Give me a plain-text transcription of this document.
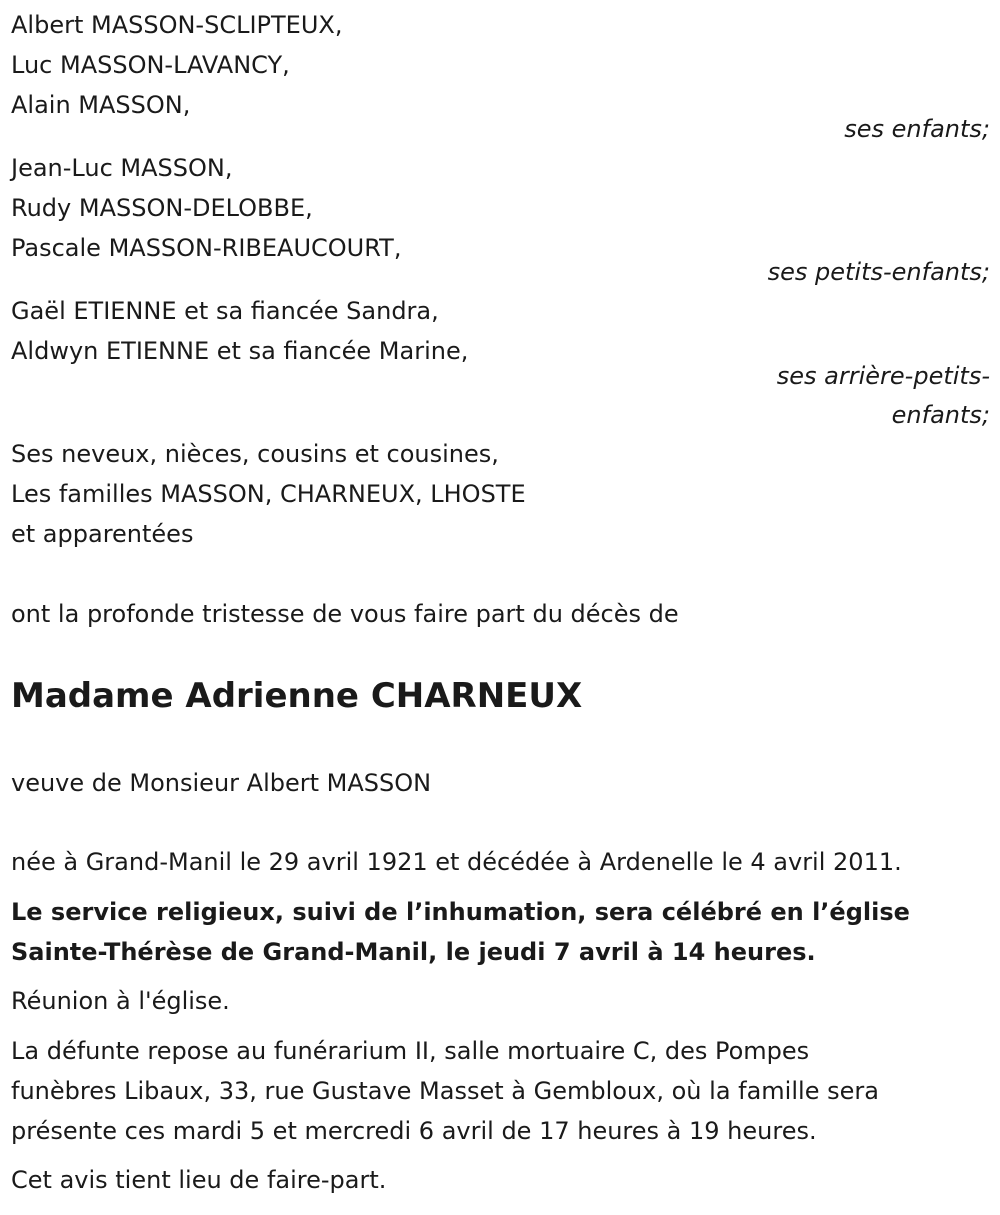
Albert MASSON-SCLIPTEUX,
Luc MASSON-LAVANCY,
Alain MASSON,
ses enfants;
Jean-Luc MASSON,
Rudy MASSON-DELOBBE,
Pascale MASSON-RIBEAUCOURT,
ses petits-enfants;
Gaël ETIENNE et sa fiancée Sandra,
Aldwyn ETIENNE et sa fiancée Marine,
ses arrière-petits-
enfants;
Ses neveux, nièces, cousins et cousines,
Les familles MASSON, CHARNEUX, LHOSTE
et apparentées
ont la profonde tristesse de vous faire part du décès de
Madame Adrienne CHARNEUX
veuve de Monsieur Albert MASSON
née à Grand-Manil le 29 avril 1921 et décédée à Ardenelle le 4 avril 2011.
Le service religieux, suivi de l’inhumation, sera célébré en l’église
Sainte-Thérèse de Grand-Manil, le jeudi 7 avril à 14 heures.
Réunion à l'église.
La défunte repose au funérarium II, salle mortuaire C, des Pompes
funèbres Libaux, 33, rue Gustave Masset à Gembloux, où la famille sera
présente ces mardi 5 et mercredi 6 avril de 17 heures à 19 heures.
Cet avis tient lieu de faire-part.
